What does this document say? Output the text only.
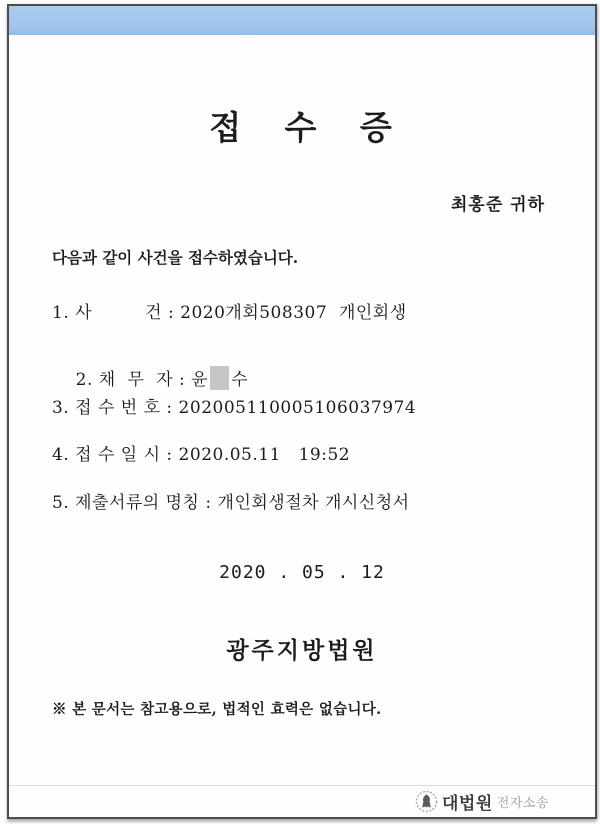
접 수 증
최홍준 귀하
다음과 같이 사건을 접수하였습니다.
1. 사         건 : 2020개회508307  개인회생

2. 채  무  자 : 윤 수

3. 접 수 번 호 : 202005110005106037974
4. 접 수 일 시 : 2020.05.11   19:52
5. 제출서류의 명칭 : 개인회생절차 개시신청서
2020 . 05 . 12
광주지방법원
※ 본 문서는 참고용으로, 법적인 효력은 없습니다.
대법원 전자소송
